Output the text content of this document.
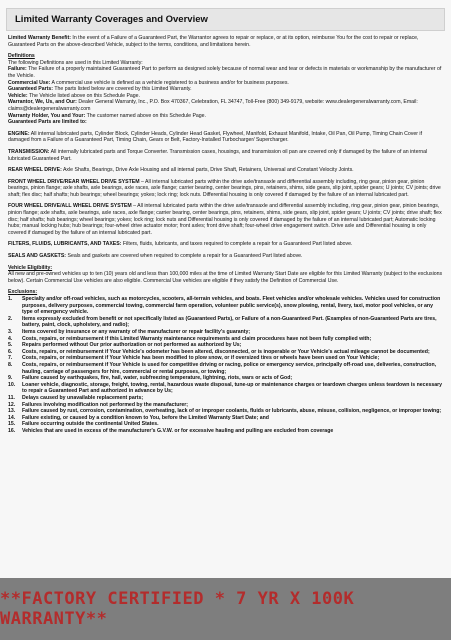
Limited Warranty Coverages and Overview

Limited Warranty Benefit: In the event of a Failure of a Guaranteed Part, the Warrantor agrees to repair or replace, or at its option, reimburse You for the cost to repair or replace, Guaranteed Parts on the above-described Vehicle, subject to the terms, conditions, and limitations herein.

Definitions
The following Definitions are used in this Limited Warranty:
Failure: The Failure of a properly maintained Guaranteed Part to perform as designed solely because of normal wear and tear or defects in materials or workmanship by the manufacturer of the Vehicle.
Commercial Use: A commercial use vehicle is defined as a vehicle registered to a business and/or for business purposes.
Guaranteed Parts: The parts listed below are covered by this Limited Warranty.
Vehicle: The Vehicle listed above on this Schedule Page.
Warrantor, We, Us, and Our: Dealer General Warranty, Inc., P.O. Box 470367, Celebration, FL 34747, Toll-Free (800) 349-9179, website: www.dealergeneralwarranty.com, Email: claims@dealergeneralwarranty.com
Warranty Holder, You and Your: The customer named above on this Schedule Page.
Guaranteed Parts are limited to:

ENGINE: All internal lubricated parts, Cylinder Block, Cylinder Heads, Cylinder Head Gasket, Flywheel, Manifold, Exhaust Manifold, Intake, Oil Pan, Oil Pump, Timing Chain Cover if damaged from a Failure of a Guaranteed Part, Timing Chain, Gears or Belt, Factory-Installed Turbocharger/ Supercharger.

TRANSMISSION: All internally lubricated parts and Torque Converter. Transmission cases, housings, and transmission oil pan are covered only if damaged by the failure of an internal lubricated Guaranteed Part.

REAR WHEEL DRIVE: Axle Shafts, Bearings, Drive Axle Housing and all internal parts, Drive Shaft, Retainers, Universal and Constant Velocity Joints.

FRONT WHEEL DRIVE/REAR WHEEL DRIVE SYSTEM – All internal lubricated parts within the drive axle/transaxle and differential assembly including, ring gear, pinion gear, pinion bearings, pinion flange; axle shafts, axle bearings, axle races, axle flange; carrier bearing, center bearings, pins, retainers, shims, side gears, slip joint, spider gears; U joints; CV joints; drive shaft; flex disc; half shafts; hub bearings; wheel bearings; yokes; lock ring; lock nuts. Differential housing is only covered if damaged by the failure of an internal lubricated part.

FOUR WHEEL DRIVE/ALL WHEEL DRIVE SYSTEM – All internal lubricated parts within the drive axle/transaxle and differential assembly including, ring gear, pinion gear, pinion bearings, pinion flange; axle shafts, axle bearings, axle races, axle flange; carrier bearing, center bearings, pins, retainers, shims, side gears, slip joint, spider gears; U joints; CV joints; drive shaft; flex disc; half shafts; hub bearings; wheel bearings; yokes; lock ring; lock nuts and Differential housing is only covered if damaged by the failure of an internal lubricated part; Automatic locking hubs; manual locking hubs; hub bearings; four-wheel drive actuator motor; front axles; front drive shaft; four-wheel drive engagement switch. Drive axle and Differential housing is only covered if damaged by the failure of an internal lubricated part.

FILTERS, FLUIDS, LUBRICANTS, AND TAXES: Filters, fluids, lubricants, and taxes required to complete a repair for a Guaranteed Part listed above.

SEALS AND GASKETS: Seals and gaskets are covered when required to complete a repair for a Guaranteed Part listed above.

Vehicle Eligibility:

All new and pre-owned vehicles up to ten (10) years old and less than 100,000 miles at the time of Limited Warranty Start Date are eligible for this Limited Warranty (subject to the exclusions below). Certain Commercial Use vehicles are also eligible. Commercial Use vehicles are eligible if they satisfy the Definition of Commercial Use.

Exclusions:
1.	Specialty and/or off-road vehicles, such as motorcycles, scooters, all-terrain vehicles, and boats. Fleet vehicles and/or wholesale vehicles. Vehicles used for construction purposes, delivery purposes, commercial towing, commercial farm operation, volunteer public service(s), snow plowing, rental, livery, taxi, motor pool vehicles, or any type of emergency vehicle.
2.	Items expressly excluded from benefit or not specifically listed as (Guaranteed Parts), or Failure of a non-Guaranteed Part. (Examples of non-Guaranteed Parts are tires, battery, paint, clock, upholstery, and radio);
3.	Items covered by insurance or any warranty of the manufacturer or repair facility's guaranty;
4.	Costs, repairs, or reimbursement if this Limited Warranty maintenance requirements and claim procedures have not been fully complied with;
5.	Repairs performed without Our prior authorization or not performed as authorized by Us;
6.	Costs, repairs, or reimbursement if Your Vehicle's odometer has been altered, disconnected, or is inoperable or Your Vehicle's actual mileage cannot be documented;
7.	Costs, repairs, or reimbursement if Your Vehicle has been modified to plow snow, or if oversized tires or wheels have been used on Your Vehicle;
8.	Costs, repairs, or reimbursement if Your Vehicle is used for competitive driving or racing, police or emergency service, principally off-road use, deliveries, construction, hauling, carriage of passengers for hire, commercial or rental purposes, or towing;
9.	Failure caused by earthquakes, fire, hail, water, subfreezing temperature, lightning, riots, wars or acts of God;
10.	Loaner vehicle, diagnostic, storage, freight, towing, rental, hazardous waste disposal, tune-up or maintenance charges or teardown charges unless teardown is necessary to repair a Guaranteed Part and authorized in advance by Us;
11.	Delays caused by unavailable replacement parts;
12.	Failures involving modification not performed by the manufacturer;
13.	Failure caused by rust, corrosion, contamination, overheating, lack of or improper coolants, fluids or lubricants, abuse, misuse, collision, negligence, or improper towing;
14.	Failure existing, or caused by a condition known to You, before the Limited Warranty Start Date; and
15.	Failure occurring outside the continental United States.
16.	Vehicles that are used in excess of the manufacturer's G.V.W. or for excessive hauling and pulling are excluded from coverage
**FACTORY CERTIFIED * 7 YR X 100K WARRANTY**
